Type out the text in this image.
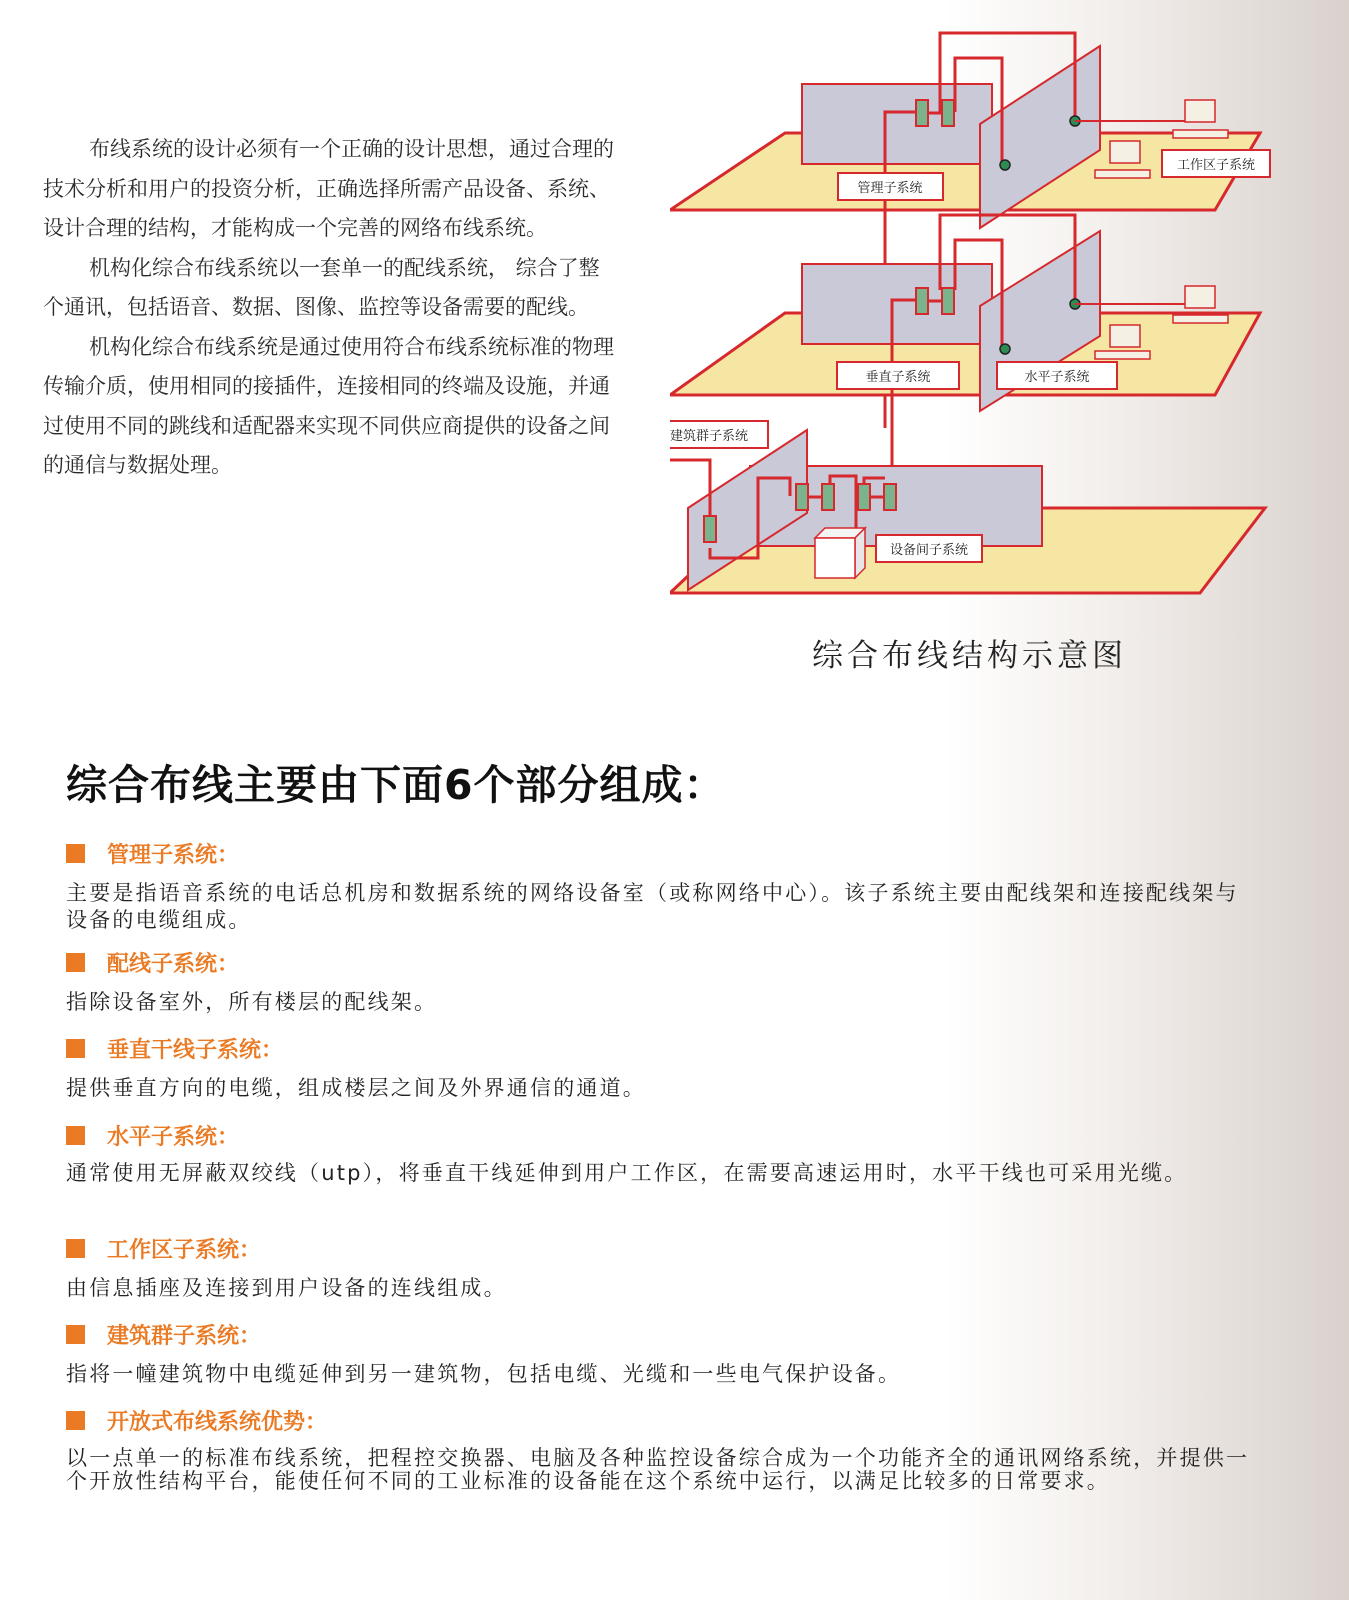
布线系统的设计必须有一个正确的设计思想，通过合理的技术分析和用户的投资分析，正确选择所需产品设备、系统、设计合理的结构，才能构成一个完善的网络布线系统。

机构化综合布线系统以一套单一的配线系统， 综合了整个通讯，包括语音、数据、图像、监控等设备需要的配线。

机构化综合布线系统是通过使用符合布线系统标准的物理传输介质，使用相同的接插件，连接相同的终端及设施，并通过使用不同的跳线和适配器来实现不同供应商提供的设备之间的通信与数据处理。

工作区子系统
管理子系统
垂直子系统	水平子系统
建筑群子系统
设备间子系统
综合布线结构示意图
综合布线主要由下面6个部分组成：
管理子系统：
主要是指语音系统的电话总机房和数据系统的网络设备室（或称网络中心）。该子系统主要由配线架和连接配线架与设备的电缆组成。
配线子系统：
指除设备室外，所有楼层的配线架。
垂直干线子系统：
提供垂直方向的电缆，组成楼层之间及外界通信的通道。
水平子系统：
通常使用无屏蔽双绞线（utp），将垂直干线延伸到用户工作区，在需要高速运用时，水平干线也可采用光缆。
工作区子系统：
由信息插座及连接到用户设备的连线组成。
建筑群子系统：
指将一幢建筑物中电缆延伸到另一建筑物，包括电缆、光缆和一些电气保护设备。
开放式布线系统优势：
以一点单一的标准布线系统，把程控交换器、电脑及各种监控设备综合成为一个功能齐全的通讯网络系统，并提供一个开放性结构平台，能使任何不同的工业标准的设备能在这个系统中运行，以满足比较多的日常要求。
